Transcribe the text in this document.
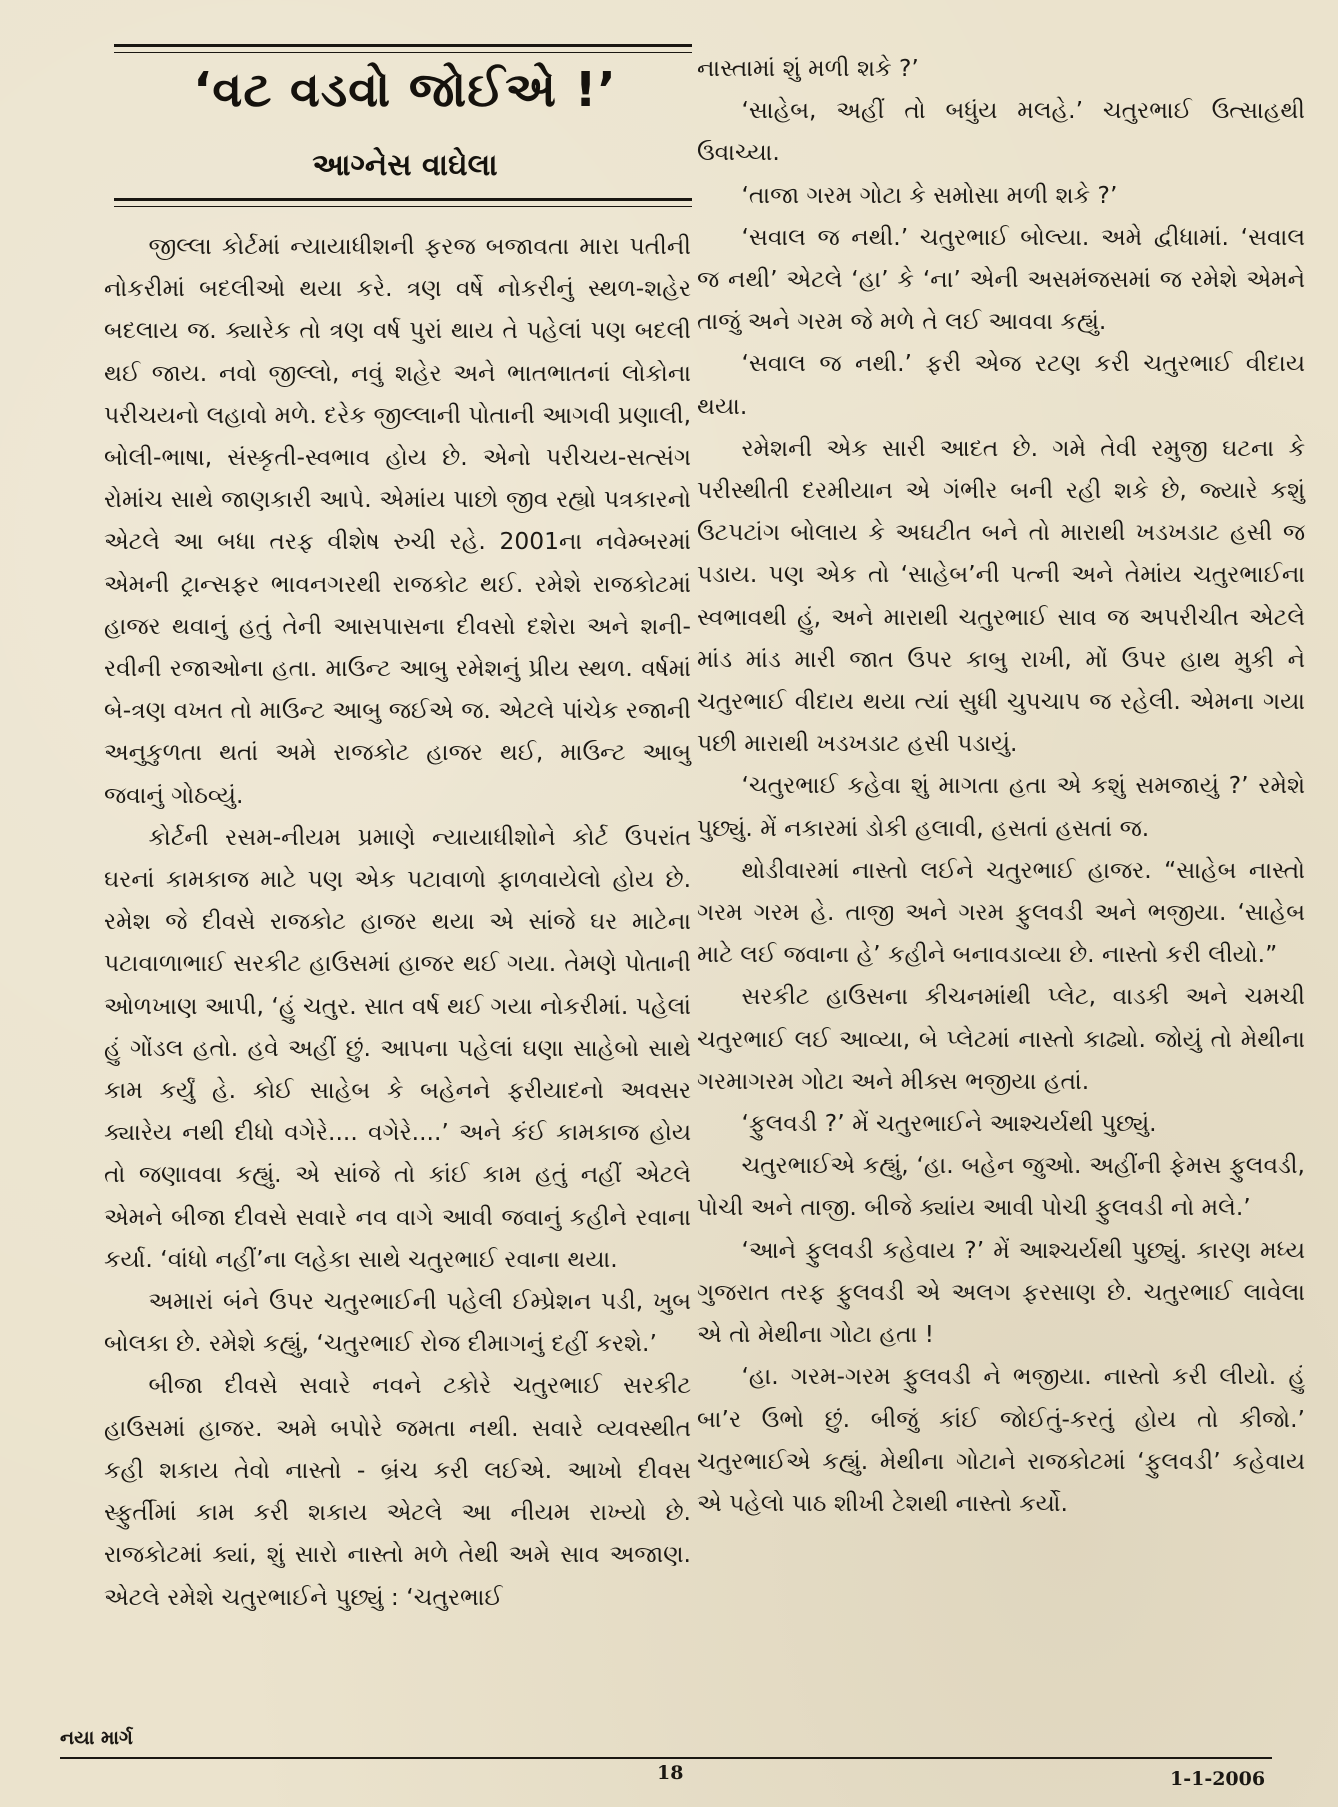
‘વટ વડવો જોઈએ !’
આગ્નેસ વાઘેલા

જીલ્લા કોર્ટમાં ન્યાયાધીશની ફરજ બજાવતા મારા પતીની નોકરીમાં બદલીઓ થયા કરે. ત્રણ વર્ષે નોકરીનું સ્થળ-શહેર બદલાય જ. ક્યારેક તો ત્રણ વર્ષ પુરાં થાય તે પહેલાં પણ બદલી થઈ જાય. નવો જીલ્લો, નવું શહેર અને ભાતભાતનાં લોકોના પરીચયનો લહાવો મળે. દરેક જીલ્લાની પોતાની આગવી પ્રણાલી, બોલી-ભાષા, સંસ્કૃતી-સ્વભાવ હોય છે. એનો પરીચય-સત્સંગ રોમાંચ સાથે જાણકારી આપે. એમાંય પાછો જીવ રહ્યો પત્રકારનો એટલે આ બધા તરફ વીશેષ રુચી રહે. 2001ના નવેમ્બરમાં એમની ટ્રાન્સફર ભાવનગરથી રાજકોટ થઈ. રમેશે રાજકોટમાં હાજર થવાનું હતું તેની આસપાસના દીવસો દશેરા અને શની-રવીની રજાઓના હતા. માઉન્ટ આબુ રમેશનું પ્રીય સ્થળ. વર્ષમાં બે-ત્રણ વખત તો માઉન્ટ આબુ જઈએ જ. એટલે પાંચેક રજાની અનુકુળતા થતાં અમે રાજકોટ હાજર થઈ, માઉન્ટ આબુ જવાનું ગોઠવ્યું.

કોર્ટની રસમ-નીયમ પ્રમાણે ન્યાયાધીશોને કોર્ટ ઉપરાંત ઘરનાં કામકાજ માટે પણ એક પટાવાળો ફાળવાયેલો હોય છે. રમેશ જે દીવસે રાજકોટ હાજર થયા એ સાંજે ઘર માટેના પટાવાળાભાઈ સરકીટ હાઉસમાં હાજર થઈ ગયા. તેમણે પોતાની ઓળખાણ આપી, ‘હું ચતુર. સાત વર્ષ થઈ ગયા નોકરીમાં. પહેલાં હું ગોંડલ હતો. હવે અહીં છું. આપના પહેલાં ઘણા સાહેબો સાથે કામ કર્યું હે. કોઈ સાહેબ કે બહેનને ફરીયાદનો અવસર ક્યારેય નથી દીધો વગેરે.... વગેરે....’ અને કંઈ કામકાજ હોય તો જણાવવા કહ્યું. એ સાંજે તો કાંઈ કામ હતું નહીં એટલે એમને બીજા દીવસે સવારે નવ વાગે આવી જવાનું કહીને રવાના કર્યા. ‘વાંધો નહીં’ના લહેકા સાથે ચતુરભાઈ રવાના થયા.

અમારાં બંને ઉપર ચતુરભાઈની પહેલી ઈમ્પ્રેશન પડી, ખુબ બોલકા છે. રમેશે કહ્યું, ‘ચતુરભાઈ રોજ દીમાગનું દહીં કરશે.’

બીજા દીવસે સવારે નવને ટકોરે ચતુરભાઈ સરકીટ હાઉસમાં હાજર. અમે બપોરે જમતા નથી. સવારે વ્યવસ્થીત કહી શકાય તેવો નાસ્તો - બ્રંચ કરી લઈએ. આખો દીવસ સ્ફુર્તીમાં કામ કરી શકાય એટલે આ નીયમ રાખ્યો છે. રાજકોટમાં ક્યાં, શું સારો નાસ્તો મળે તેથી અમે સાવ અજાણ. એટલે રમેશે ચતુરભાઈને પુછ્યું : ‘ચતુરભાઈ

નાસ્તામાં શું મળી શકે ?’

‘સાહેબ, અહીં તો બધુંય મલહે.’ ચતુરભાઈ ઉત્સાહથી ઉવાચ્યા.

‘તાજા ગરમ ગોટા કે સમોસા મળી શકે ?’

‘સવાલ જ નથી.’ ચતુરભાઈ બોલ્યા. અમે દ્વીધામાં. ‘સવાલ જ નથી’ એટલે ‘હા’ કે ‘ના’ એની અસમંજસમાં જ રમેશે એમને તાજું અને ગરમ જે મળે તે લઈ આવવા કહ્યું.

‘સવાલ જ નથી.’ ફરી એજ રટણ કરી ચતુરભાઈ વીદાય થયા.

રમેશની એક સારી આદત છે. ગમે તેવી રમુજી ઘટના કે પરીસ્થીતી દરમીયાન એ ગંભીર બની રહી શકે છે, જ્યારે કશું ઉટપટાંગ બોલાય કે અઘટીત બને તો મારાથી ખડખડાટ હસી જ પડાય. પણ એક તો ‘સાહેબ’ની પત્ની અને તેમાંય ચતુરભાઈના સ્વભાવથી હું, અને મારાથી ચતુરભાઈ સાવ જ અપરીચીત એટલે માંડ માંડ મારી જાત ઉપર કાબુ રાખી, મોં ઉપર હાથ મુકી ને ચતુરભાઈ વીદાય થયા ત્યાં સુધી ચુપચાપ જ રહેલી. એમના ગયા પછી મારાથી ખડખડાટ હસી પડાયું.

‘ચતુરભાઈ કહેવા શું માગતા હતા એ કશું સમજાયું ?’ રમેશે પુછ્યું. મેં નકારમાં ડોકી હલાવી, હસતાં હસતાં જ.

થોડીવારમાં નાસ્તો લઈને ચતુરભાઈ હાજર. “સાહેબ નાસ્તો ગરમ ગરમ હે. તાજી અને ગરમ ફુલવડી અને ભજીયા. ‘સાહેબ માટે લઈ જવાના હે’ કહીને બનાવડાવ્યા છે. નાસ્તો કરી લીયો.”

સરકીટ હાઉસના કીચનમાંથી પ્લેટ, વાડકી અને ચમચી ચતુરભાઈ લઈ આવ્યા, બે પ્લેટમાં નાસ્તો કાઢ્યો. જોયું તો મેથીના ગરમાગરમ ગોટા અને મીક્સ ભજીયા હતાં.

‘ફુલવડી ?’ મેં ચતુરભાઈને આશ્ચર્યથી પુછ્યું.

ચતુરભાઈએ કહ્યું, ‘હા. બહેન જુઓ. અહીંની ફેમસ ફુલવડી, પોચી અને તાજી. બીજે ક્યાંય આવી પોચી ફુલવડી નો મલે.’

‘આને ફુલવડી કહેવાય ?’ મેં આશ્ચર્યથી પુછ્યું. કારણ મધ્ય ગુજરાત તરફ ફુલવડી એ અલગ ફરસાણ છે. ચતુરભાઈ લાવેલા એ તો મેથીના ગોટા હતા !

‘હા. ગરમ-ગરમ ફુલવડી ને ભજીયા. નાસ્તો કરી લીયો. હું બા’ર ઉભો છું. બીજું કાંઈ જોઈતું-કરતું હોય તો કીજો.’ ચતુરભાઈએ કહ્યું. મેથીના ગોટાને રાજકોટમાં ‘ફુલવડી’ કહેવાય એ પહેલો પાઠ શીખી ટેશથી નાસ્તો કર્યો.

નયા માર્ગ
18	1-1-2006
